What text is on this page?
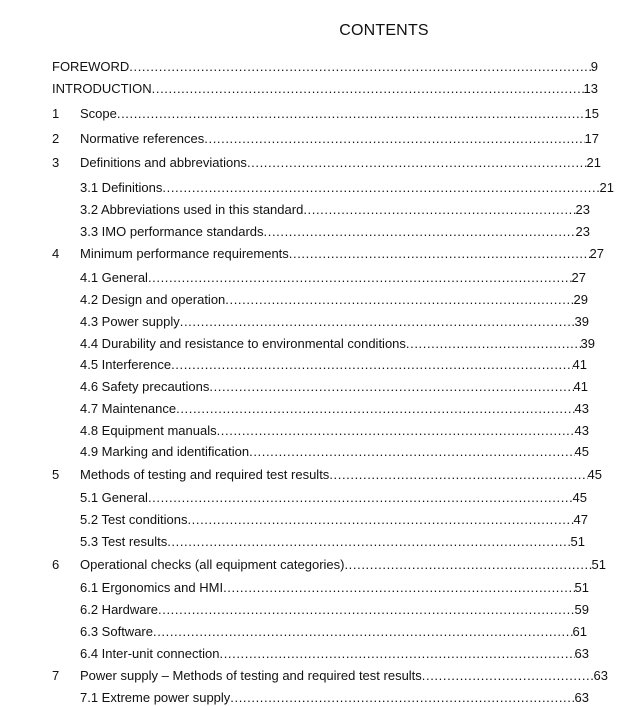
CONTENTS
FOREWORD .....	9
INTRODUCTION .....	13
1	Scope .....	15
2	Normative references .....	17
3	Definitions and abbreviations .....	21
3.1 Definitions .....	21
3.2 Abbreviations used in this standard .....	23
3.3 IMO performance standards .....	23
4	Minimum performance requirements .....	27
4.1 General .....	27
4.2 Design and operation .....	29
4.3 Power supply .....	39
4.4 Durability and resistance to environmental conditions .....	39
4.5 Interference .....	41
4.6 Safety precautions .....	41
4.7 Maintenance .....	43
4.8 Equipment manuals .....	43
4.9 Marking and identification .....	45
5	Methods of testing and required test results .....	45
5.1 General .....	45
5.2 Test conditions .....	47
5.3 Test results .....	51
6	Operational checks (all equipment categories) .....	51
6.1 Ergonomics and HMI .....	51
6.2 Hardware .....	59
6.3 Software .....	61
6.4 Inter-unit connection .....	63
7	Power supply – Methods of testing and required test results .....	63
7.1 Extreme power supply .....	63
